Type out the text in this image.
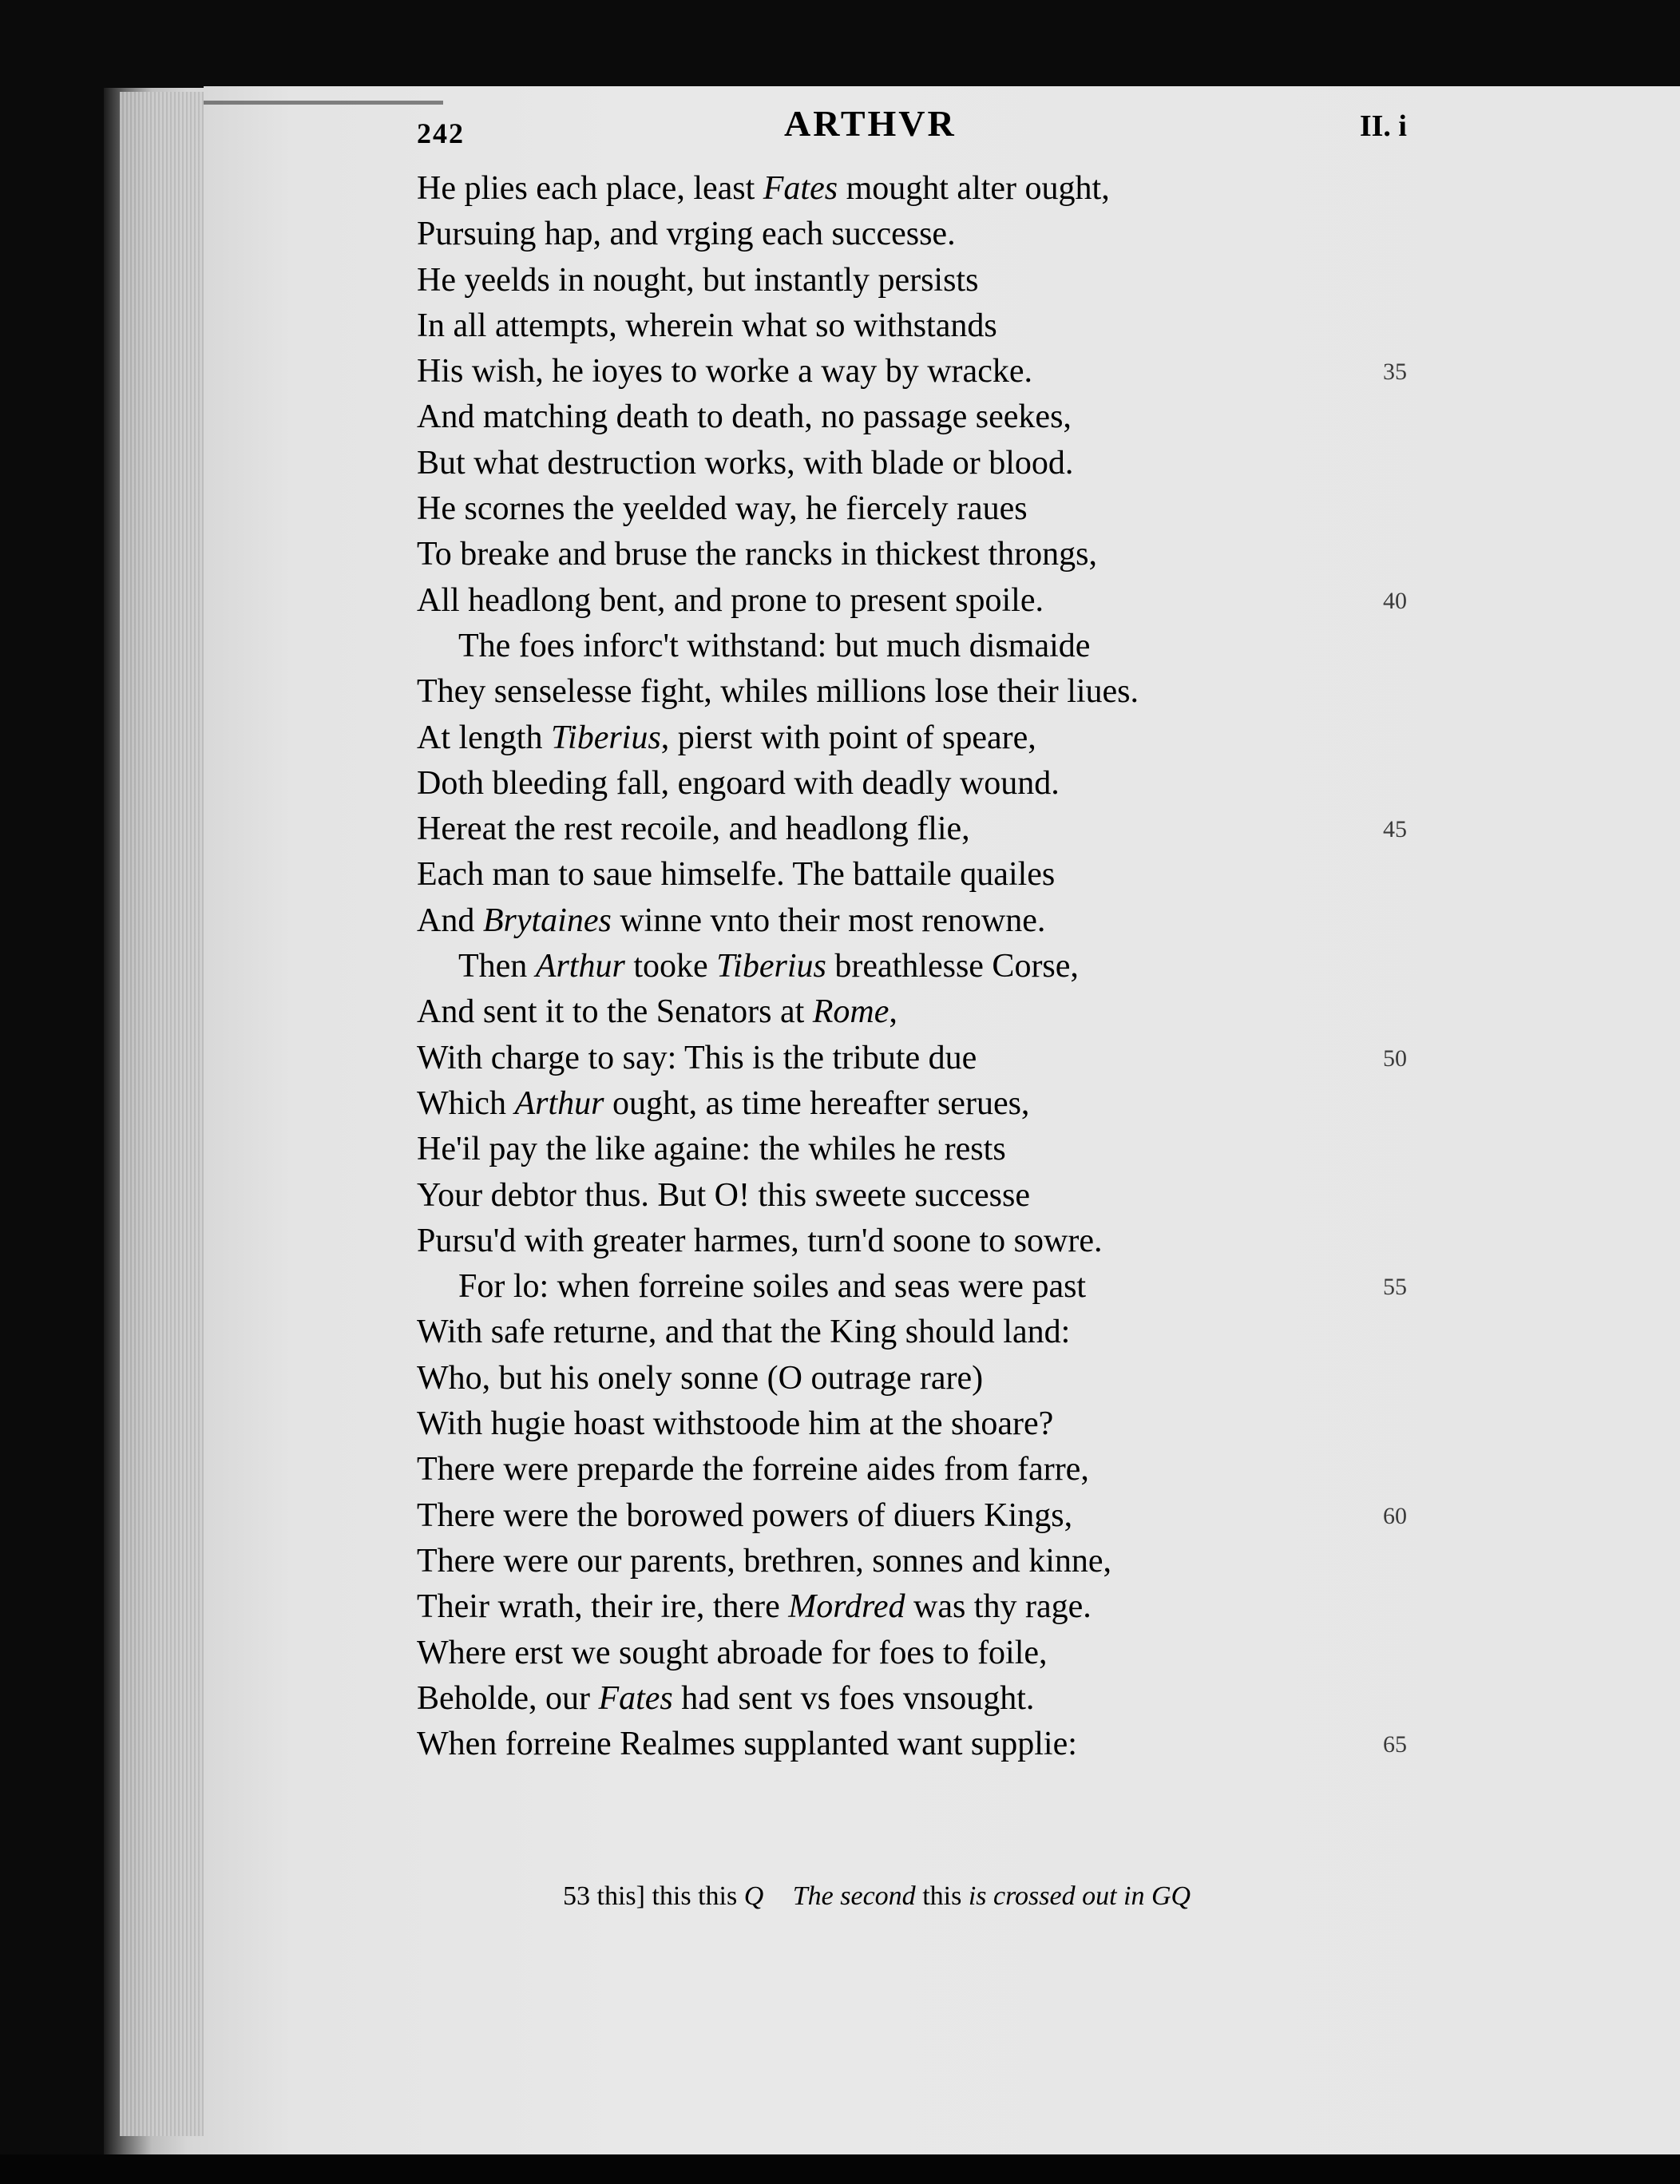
242	ARTHVR	II. i
He plies each place, least Fates mought alter ought,
Pursuing hap, and vrging each successe.
He yeelds in nought, but instantly persists
In all attempts, wherein what so withstands
His wish, he ioyes to worke a way by wracke.	35
And matching death to death, no passage seekes,
But what destruction works, with blade or blood.
He scornes the yeelded way, he fiercely raues
To breake and bruse the rancks in thickest throngs,
All headlong bent, and prone to present spoile.	40
The foes inforc't withstand: but much dismaide
They senselesse fight, whiles millions lose their liues.
At length Tiberius, pierst with point of speare,
Doth bleeding fall, engoard with deadly wound.
Hereat the rest recoile, and headlong flie,	45
Each man to saue himselfe. The battaile quailes
And Brytaines winne vnto their most renowne.
Then Arthur tooke Tiberius breathlesse Corse,
And sent it to the Senators at Rome,
With charge to say: This is the tribute due	50
Which Arthur ought, as time hereafter serues,
He'il pay the like againe: the whiles he rests
Your debtor thus. But O! this sweete successe
Pursu'd with greater harmes, turn'd soone to sowre.
For lo: when forreine soiles and seas were past	55
With safe returne, and that the King should land:
Who, but his onely sonne (O outrage rare)
With hugie hoast withstoode him at the shoare?
There were preparde the forreine aides from farre,
There were the borowed powers of diuers Kings,	60
There were our parents, brethren, sonnes and kinne,
Their wrath, their ire, there Mordred was thy rage.
Where erst we sought abroade for foes to foile,
Beholde, our Fates had sent vs foes vnsought.
When forreine Realmes supplanted want supplie:	65
53 this] this this Q The second this is crossed out in GQ
